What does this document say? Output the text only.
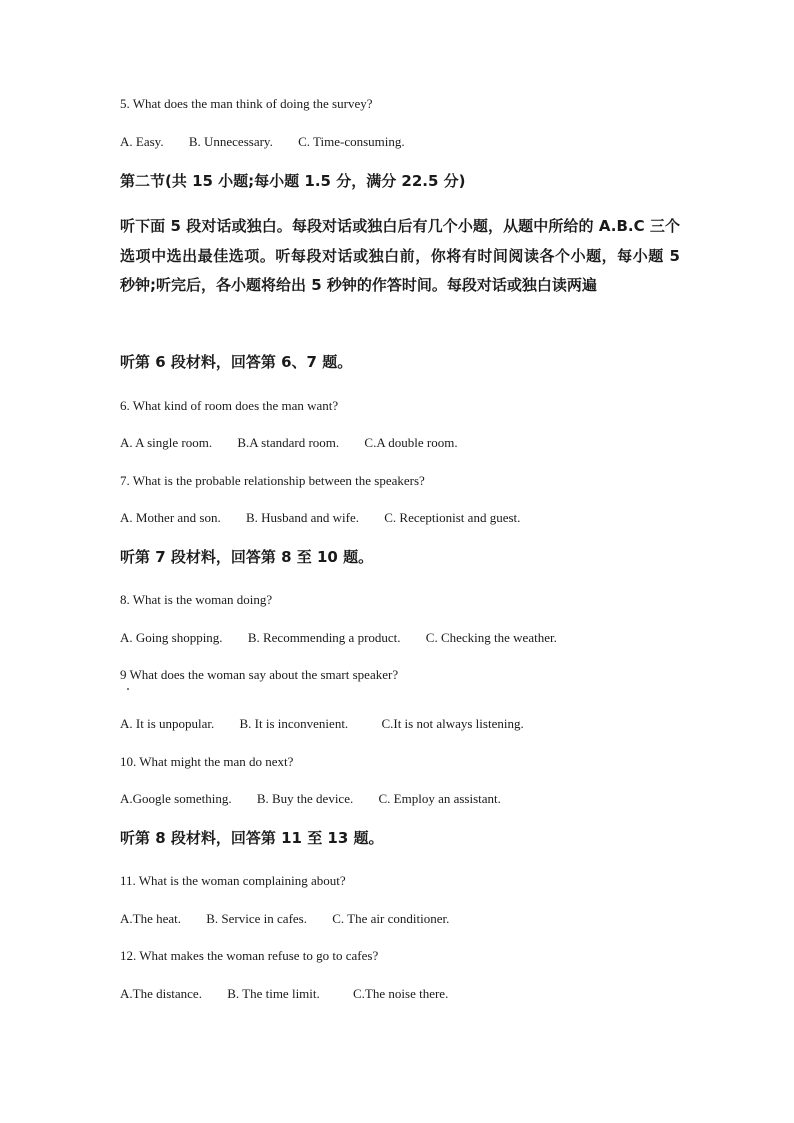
5. What does the man think of doing the survey?
A. Easy. B. Unnecessary. C. Time-consuming.
第二节(共 15 小题;每小题 1.5 分，满分 22.5 分)
听下面 5 段对话或独白。每段对话或独白后有几个小题，从题中所给的 A.B.C 三个选项中选出最佳选项。听每段对话或独白前，你将有时间阅读各个小题，每小题 5 秒钟;听完后，各小题将给出 5 秒钟的作答时间。每段对话或独白读两遍
听第 6 段材料，回答第 6、7 题。
6. What kind of room does the man want?
A. A single room. B.A standard room. C.A double room.
7. What is the probable relationship between the speakers?
A. Mother and son. B. Husband and wife. C. Receptionist and guest.
听第 7 段材料，回答第 8 至 10 题。
8. What is the woman doing?
A. Going shopping. B. Recommending a product. C. Checking the weather.
9 What does the woman say about the smart speaker?
A. It is unpopular. B. It is inconvenient.	C.It is not always listening.
10. What might the man do next?
A.Google something. B. Buy the device. C. Employ an assistant.
听第 8 段材料，回答第 11 至 13 题。
11. What is the woman complaining about?
A.The heat. B. Service in cafes. C. The air conditioner.
12. What makes the woman refuse to go to cafes?
A.The distance. B. The time limit.	C.The noise there.
